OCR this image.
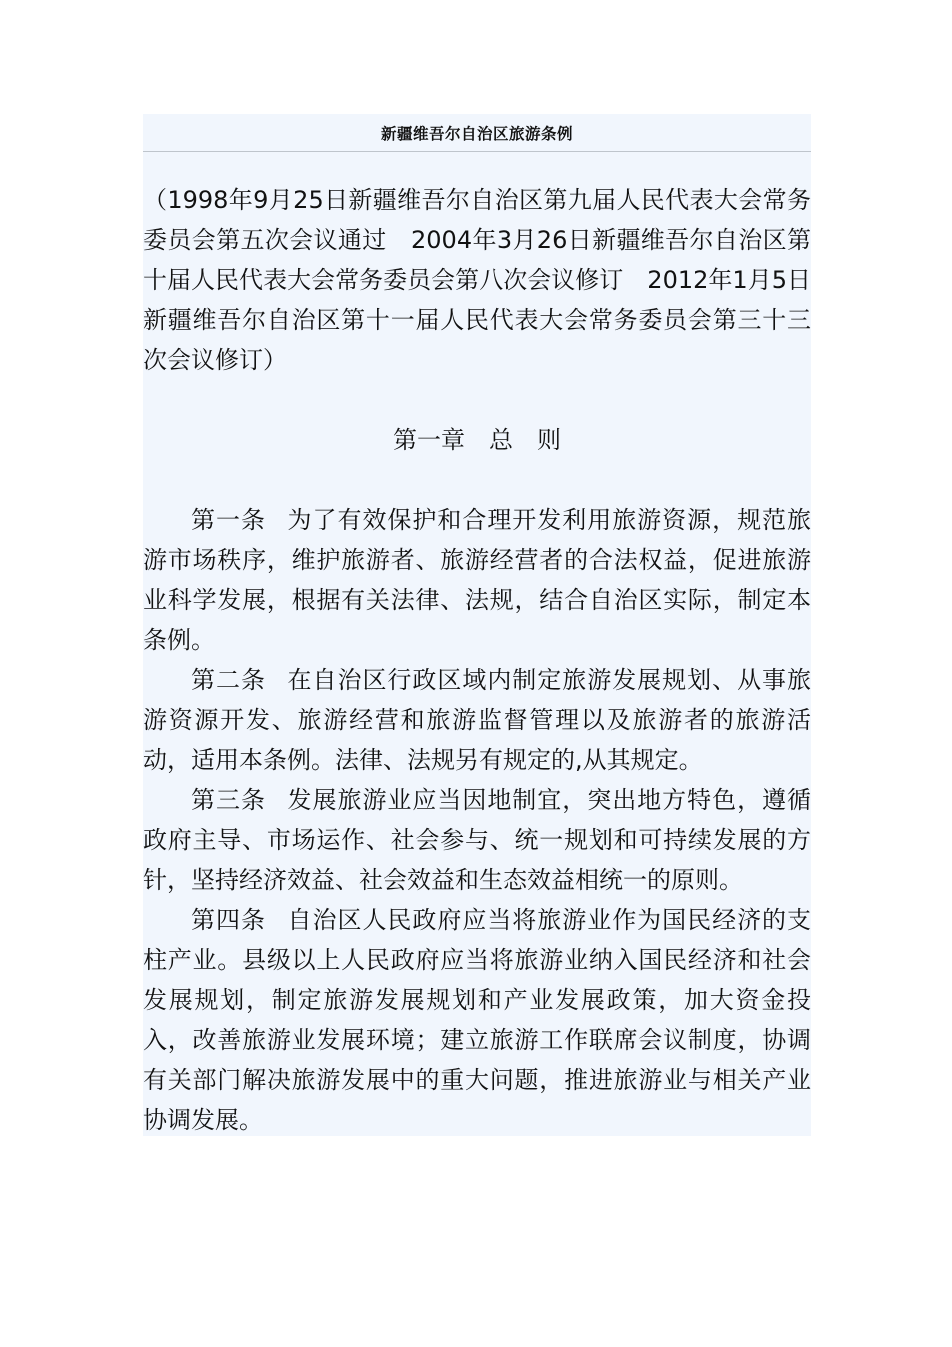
新疆维吾尔自治区旅游条例

（1998年9月25日新疆维吾尔自治区第九届人民代表大会常务委员会第五次会议通过　2004年3月26日新疆维吾尔自治区第十届人民代表大会常务委员会第八次会议修订　2012年1月5日新疆维吾尔自治区第十一届人民代表大会常务委员会第三十三次会议修订）

第一章　总　则

第一条 为了有效保护和合理开发利用旅游资源，规范旅游市场秩序，维护旅游者、旅游经营者的合法权益，促进旅游业科学发展，根据有关法律、法规，结合自治区实际，制定本条例。

第二条 在自治区行政区域内制定旅游发展规划、从事旅游资源开发、旅游经营和旅游监督管理以及旅游者的旅游活动，适用本条例。法律、法规另有规定的,从其规定。

第三条 发展旅游业应当因地制宜，突出地方特色，遵循政府主导、市场运作、社会参与、统一规划和可持续发展的方针，坚持经济效益、社会效益和生态效益相统一的原则。

第四条 自治区人民政府应当将旅游业作为国民经济的支柱产业。县级以上人民政府应当将旅游业纳入国民经济和社会发展规划，制定旅游发展规划和产业发展政策，加大资金投入，改善旅游业发展环境；建立旅游工作联席会议制度，协调有关部门解决旅游发展中的重大问题，推进旅游业与相关产业协调发展。
